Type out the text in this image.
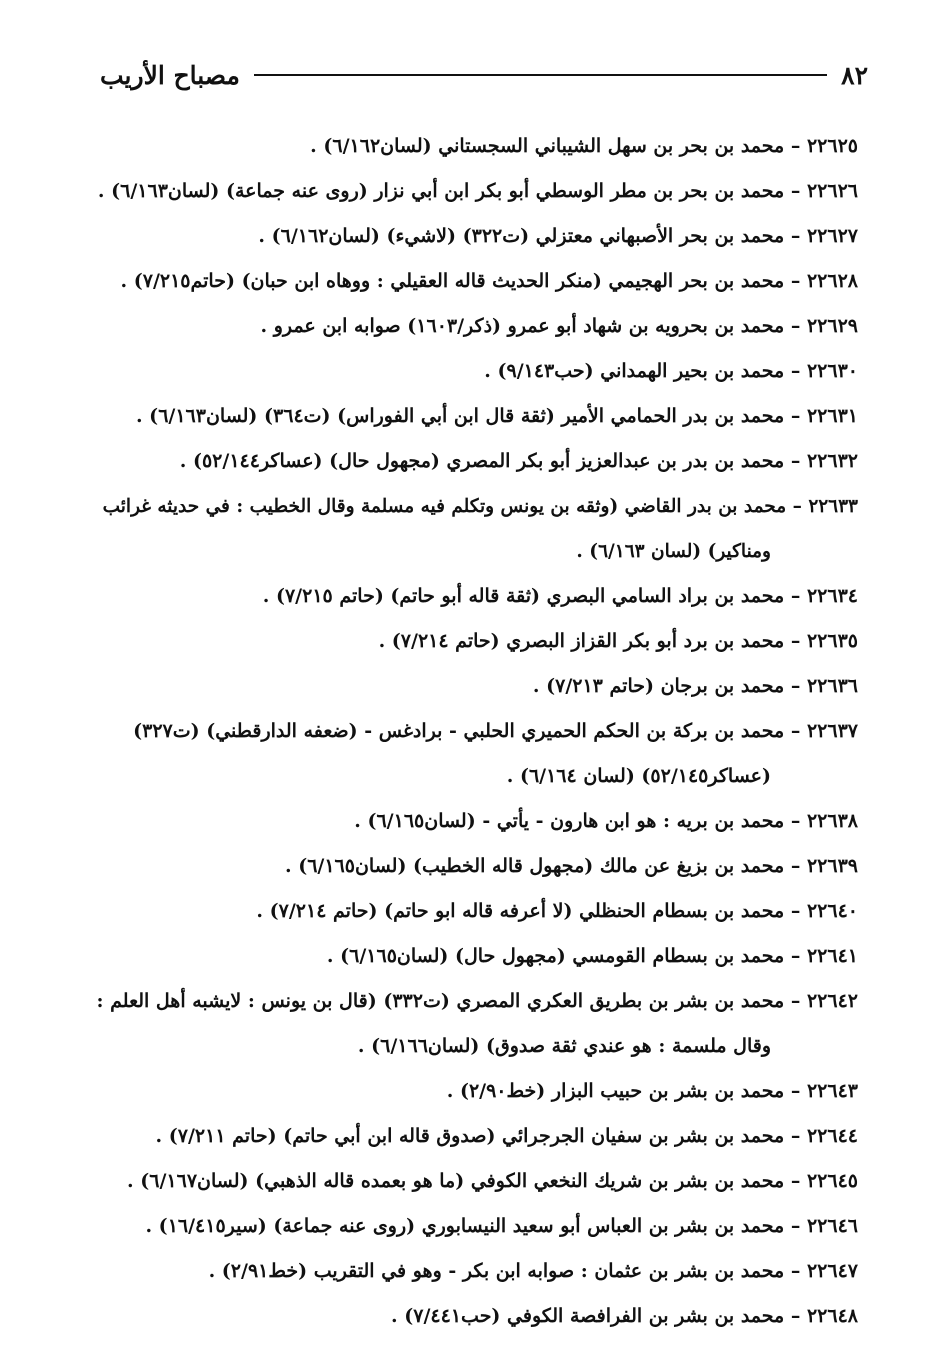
٨٢
مصباح الأريب
٢٢٦٢٥ – محمد بن بحر بن سهل الشيباني السجستاني (لسان٦/١٦٢) .
٢٢٦٢٦ – محمد بن بحر بن مطر الوسطي أبو بكر ابن أبي نزار (روى عنه جماعة) (لسان٦/١٦٣) .
٢٢٦٢٧ – محمد بن بحر الأصبهاني معتزلي (ت٣٢٢) (لاشيء) (لسان٦/١٦٢) .
٢٢٦٢٨ – محمد بن بحر الهجيمي (منكر الحديث قاله العقيلي : ووهاه ابن حبان) (حاتم٧/٢١٥) .
٢٢٦٢٩ – محمد بن بحرويه بن شهاد أبو عمرو (ذكر/١٦٠٣) صوابه ابن عمرو .
٢٢٦٣٠ – محمد بن بحير الهمداني (حب٩/١٤٣) .
٢٢٦٣١ – محمد بن بدر الحمامي الأمير (ثقة قال ابن أبي الفوراس) (ت٣٦٤) (لسان٦/١٦٣) .
٢٢٦٣٢ – محمد بن بدر بن عبدالعزيز أبو بكر المصري (مجهول حال) (عساكر٥٢/١٤٤) .
٢٢٦٣٣ – محمد بن بدر القاضي (وثقه بن يونس وتكلم فيه مسلمة وقال الخطيب : في حديثه غرائب
ومناكير) (لسان ٦/١٦٣) .
٢٢٦٣٤ – محمد بن براد السامي البصري (ثقة قاله أبو حاتم) (حاتم ٧/٢١٥) .
٢٢٦٣٥ – محمد بن برد أبو بكر القزاز البصري (حاتم ٧/٢١٤) .
٢٢٦٣٦ – محمد بن برجان (حاتم ٧/٢١٣) .
٢٢٦٣٧ – محمد بن بركة بن الحكم الحميري الحلبي - برادغس - (ضعفه الدارقطني) (ت٣٢٧)
(عساكر٥٢/١٤٥) (لسان ٦/١٦٤) .
٢٢٦٣٨ – محمد بن بريه : هو ابن هارون - يأتي - (لسان٦/١٦٥) .
٢٢٦٣٩ – محمد بن بزيغ عن مالك (مجهول قاله الخطيب) (لسان٦/١٦٥) .
٢٢٦٤٠ – محمد بن بسطام الحنظلي (لا أعرفه قاله ابو حاتم) (حاتم ٧/٢١٤) .
٢٢٦٤١ – محمد بن بسطام القومسي (مجهول حال) (لسان٦/١٦٥) .
٢٢٦٤٢ – محمد بن بشر بن بطريق العكري المصري (ت٣٣٢) (قال بن يونس : لايشبه أهل العلم :
وقال ملسمة : هو عندي ثقة صدوق) (لسان٦/١٦٦) .
٢٢٦٤٣ – محمد بن بشر بن حبيب البزار (خط٢/٩٠) .
٢٢٦٤٤ – محمد بن بشر بن سفيان الجرجرائي (صدوق قاله ابن أبي حاتم) (حاتم ٧/٢١١) .
٢٢٦٤٥ – محمد بن بشر بن شريك النخعي الكوفي (ما هو بعمده قاله الذهبي) (لسان٦/١٦٧) .
٢٢٦٤٦ – محمد بن بشر بن العباس أبو سعيد النيسابوري (روى عنه جماعة) (سير١٦/٤١٥) .
٢٢٦٤٧ – محمد بن بشر بن عثمان : صوابه ابن بكر - وهو في التقريب (خط٢/٩١) .
٢٢٦٤٨ – محمد بن بشر بن الفرافصة الكوفي (حب٧/٤٤١) .
